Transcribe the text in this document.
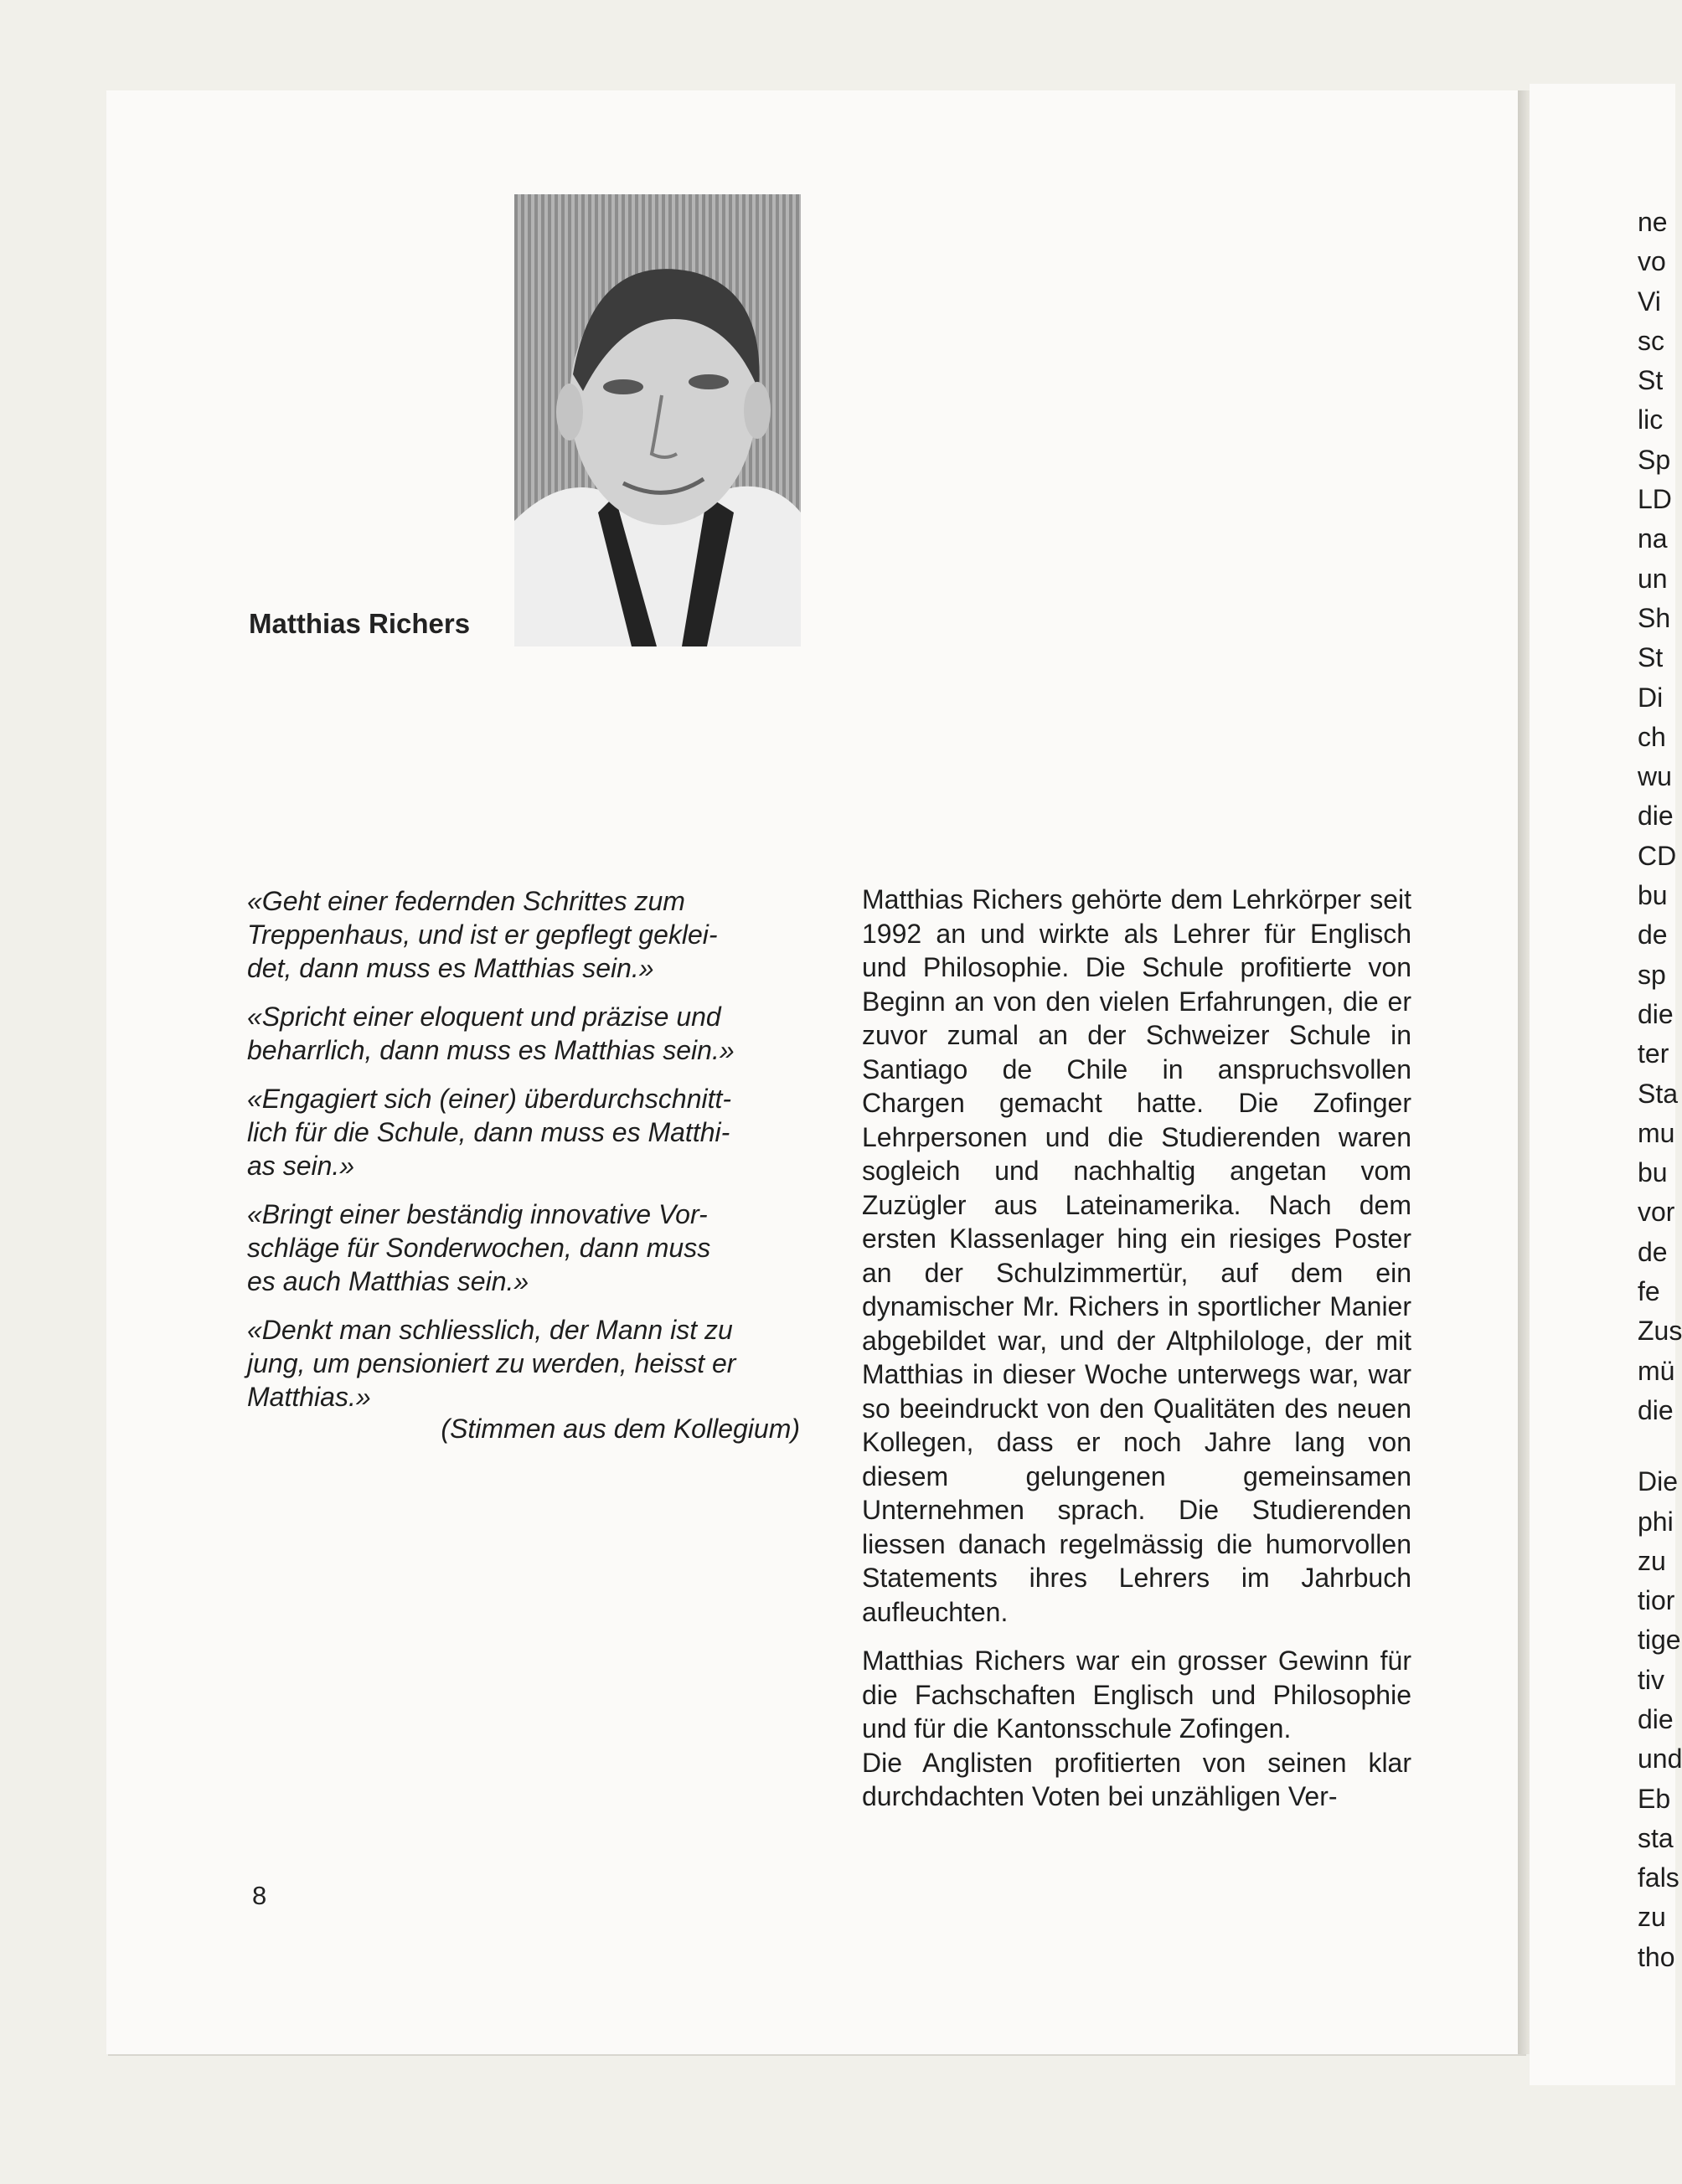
Matthias Richers
«Geht einer federnden Schrittes zum
Treppenhaus, und ist er gepflegt geklei-
det, dann muss es Matthias sein.»
«Spricht einer eloquent und präzise und
beharrlich, dann muss es Matthias sein.»
«Engagiert sich (einer) überdurchschnitt-
lich für die Schule, dann muss es Matthi-
as sein.»
«Bringt einer beständig innovative Vor-
schläge für Sonderwochen, dann muss
es auch Matthias sein.»
«Denkt man schliesslich, der Mann ist zu
jung, um pensioniert zu werden, heisst er
Matthias.»
(Stimmen aus dem Kollegium)

Matthias Richers gehörte dem Lehrkörper seit 1992 an und wirkte als Lehrer für Englisch und Philosophie. Die Schule profitierte von Beginn an von den vielen Erfahrungen, die er zuvor zumal an der Schweizer Schule in Santiago de Chile in anspruchsvollen Chargen gemacht hatte. Die Zofinger Lehrpersonen und die Studierenden waren sogleich und nachhaltig angetan vom Zuzügler aus Lateinamerika. Nach dem ersten Klassenlager hing ein riesiges Poster an der Schulzimmertür, auf dem ein dynamischer Mr. Richers in sportlicher Manier abgebildet war, und der Altphilologe, der mit Matthias in dieser Woche unterwegs war, war so beeindruckt von den Qualitäten des neuen Kollegen, dass er noch Jahre lang von diesem gelungenen gemeinsamen Unternehmen sprach. Die Studierenden liessen danach regelmässig die humorvollen Statements ihres Lehrers im Jahrbuch aufleuchten.

Matthias Richers war ein grosser Gewinn für die Fachschaften Englisch und Philosophie und für die Kantonsschule Zofingen.

Die Anglisten profitierten von seinen klar durchdachten Voten bei unzähligen Ver-

8
ne
vo
Vi
sc
St
lic
Sp
LD
na
un
Sh
St
Di
ch
wu
die
CD
bu
de
sp
die
ter
Sta
mu
bu
vor
de
fe
Zus
mü
die
Die
phi
zu
tior
tige
tiv
die
und
Eb
sta
fals
zu
tho
